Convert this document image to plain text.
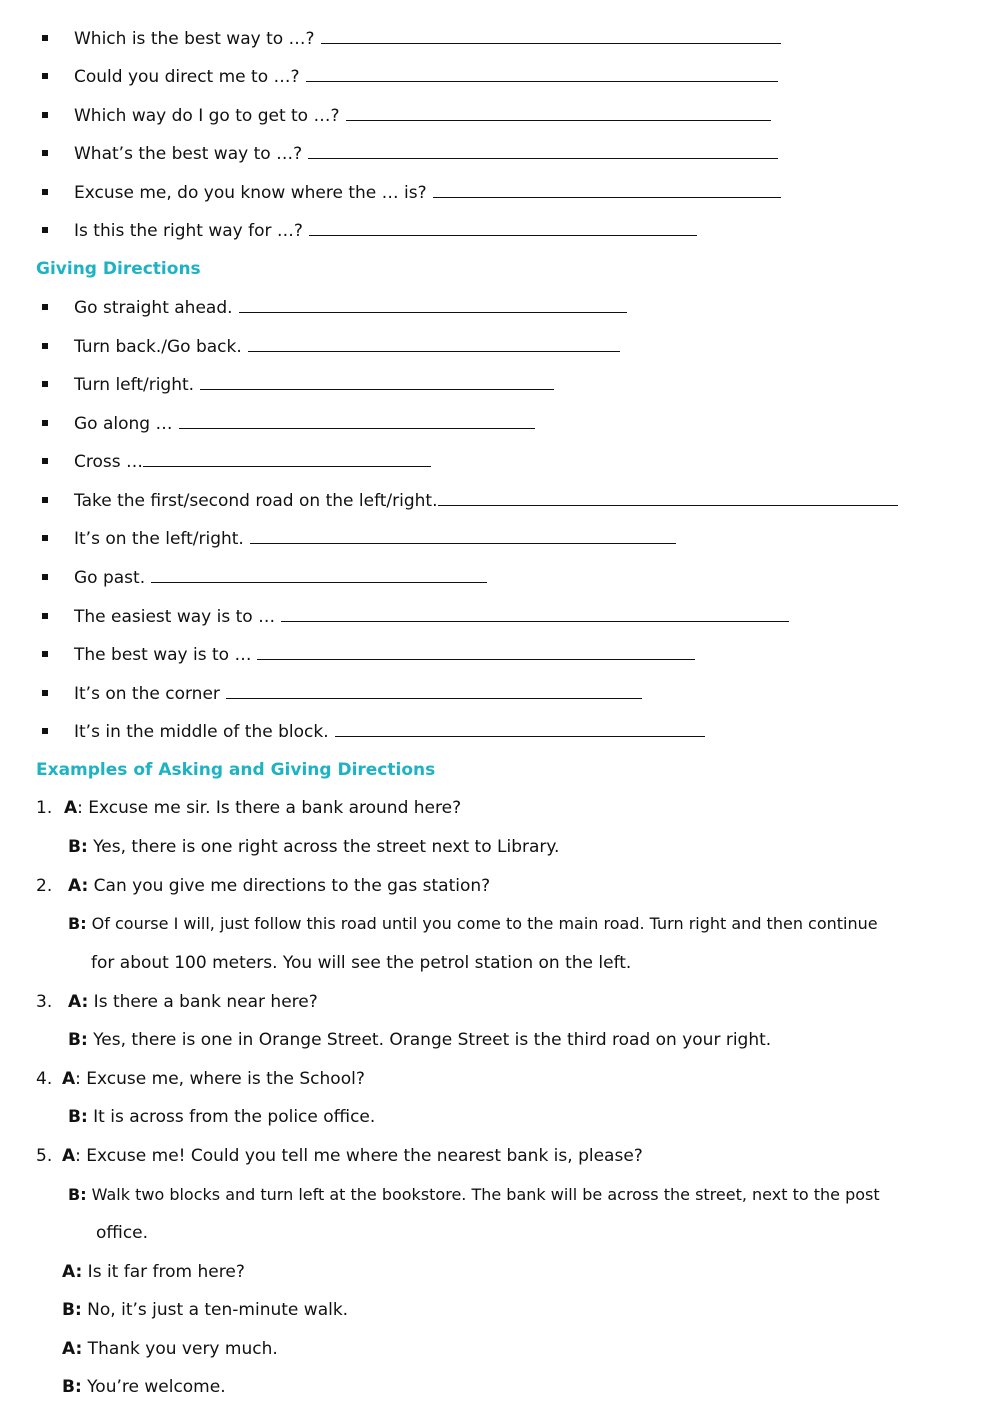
Which is the best way to …?
Could you direct me to …?
Which way do I go to get to …?
What’s the best way to …?
Excuse me, do you know where the … is?
Is this the right way for …?
Giving Directions
Go straight ahead.
Turn back./Go back.
Turn left/right.
Go along …
Cross …
Take the first/second road on the left/right.
It’s on the left/right.
Go past.
The easiest way is to …
The best way is to …
It’s on the corner
It’s in the middle of the block.
Examples of Asking and Giving Directions
1. A: Excuse me sir. Is there a bank around here?
B: Yes, there is one right across the street next to Library.
2. A: Can you give me directions to the gas station?
B: Of course I will, just follow this road until you come to the main road. Turn right and then continue
for about 100 meters. You will see the petrol station on the left.
3. A: Is there a bank near here?
B: Yes, there is one in Orange Street. Orange Street is the third road on your right.
4. A: Excuse me, where is the School?
B: It is across from the police office.
5. A: Excuse me! Could you tell me where the nearest bank is, please?
B: Walk two blocks and turn left at the bookstore. The bank will be across the street, next to the post
office.
A: Is it far from here?
B: No, it’s just a ten-minute walk.
A: Thank you very much.
B: You’re welcome.
